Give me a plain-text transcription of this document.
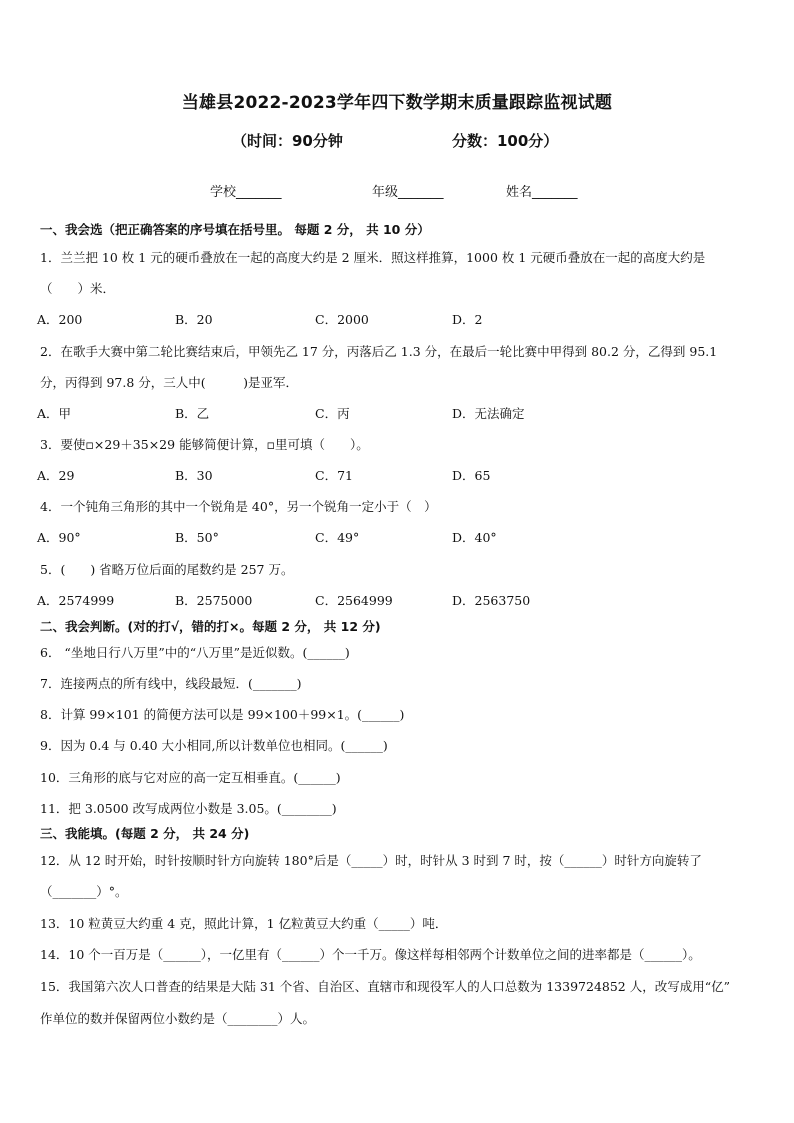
当雄县2022-2023学年四下数学期末质量跟踪监视试题
（时间：90分钟	分数：100分）
学校_______	年级_______	姓名_______
一、我会选（把正确答案的序号填在括号里。 每题 2 分， 共 10 分）
1．兰兰把 10 枚 1 元的硬币叠放在一起的高度大约是 2 厘米．照这样推算，1000 枚 1 元硬币叠放在一起的高度大约是
（　　）米．
A．200	B．20	C．2000	D．2
2．在歌手大赛中第二轮比赛结束后，甲领先乙 17 分，丙落后乙 1.3 分，在最后一轮比赛中甲得到 80.2 分，乙得到 95.1
分，丙得到 97.8 分，三人中(　　　)是亚军．
A．甲	B．乙	C．丙	D．无法确定
3．要使▫×29＋35×29 能够简便计算，▫里可填（　　）。
A．29	B．30	C．71	D．65
4．一个钝角三角形的其中一个锐角是 40°，另一个锐角一定小于（　）
A．90°	B．50°	C．49°	D．40°
5．(　　) 省略万位后面的尾数约是 257 万。
A．2574999	B．2575000	C．2564999	D．2563750
二、我会判断。(对的打√，错的打×。每题 2 分， 共 12 分)
6． “坐地日行八万里”中的“八万里”是近似数。(______)
7．连接两点的所有线中，线段最短．(_______)
8．计算 99×101 的简便方法可以是 99×100＋99×1。(______)
9．因为 0.4 与 0.40 大小相同,所以计数单位也相同。(______)
10．三角形的底与它对应的高一定互相垂直。(______)
11．把 3.0500 改写成两位小数是 3.05。(________)
三、我能填。(每题 2 分， 共 24 分)
12．从 12 时开始，时针按顺时针方向旋转 180°后是（_____）时，时针从 3 时到 7 时，按（______）时针方向旋转了
（_______）°。
13．10 粒黄豆大约重 4 克，照此计算，1 亿粒黄豆大约重（_____）吨．
14．10 个一百万是（______），一亿里有（______）个一千万。像这样每相邻两个计数单位之间的进率都是（______）。
15．我国第六次人口普查的结果是大陆 31 个省、自治区、直辖市和现役军人的人口总数为 1339724852 人，改写成用“亿”
作单位的数并保留两位小数约是（________）人。
